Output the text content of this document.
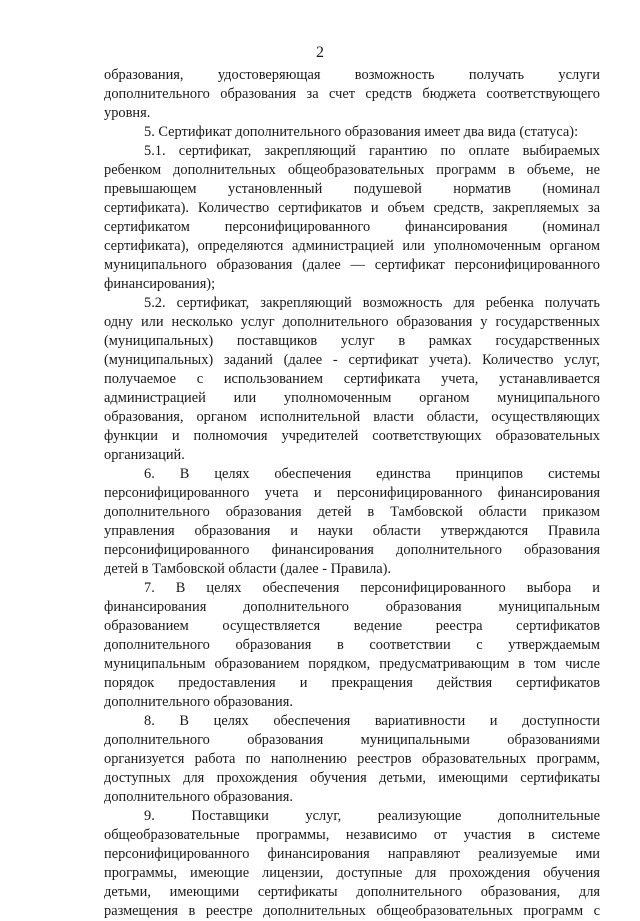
2

образования, удостоверяющая возможность получать услуги
дополнительного образования за счет средств бюджета соответствующего
уровня.

5. Сертификат дополнительного образования имеет два вида (статуса):

5.1. сертификат, закрепляющий гарантию по оплате выбираемых
ребенком дополнительных общеобразовательных программ в объеме, не
превышающем установленный подушевой норматив (номинал
сертификата). Количество сертификатов и объем средств, закрепляемых за
сертификатом персонифицированного финансирования (номинал
сертификата), определяются администрацией или уполномоченным органом
муниципального образования (далее — сертификат персонифицированного
финансирования);

5.2. сертификат, закрепляющий возможность для ребенка получать
одну или несколько услуг дополнительного образования у государственных
(муниципальных) поставщиков услуг в рамках государственных
(муниципальных) заданий (далее - сертификат учета). Количество услуг,
получаемое с использованием сертификата учета, устанавливается
администрацией или уполномоченным органом муниципального
образования, органом исполнительной власти области, осуществляющих
функции и полномочия учредителей соответствующих образовательных
организаций.

6. В целях обеспечения единства принципов системы
персонифицированного учета и персонифицированного финансирования
дополнительного образования детей в Тамбовской области приказом
управления образования и науки области утверждаются Правила
персонифицированного финансирования дополнительного образования
детей в Тамбовской области (далее - Правила).

7. В целях обеспечения персонифицированного выбора и
финансирования дополнительного образования муниципальным
образованием осуществляется ведение реестра сертификатов
дополнительного образования в соответствии с утверждаемым
муниципальным образованием порядком, предусматривающим в том числе
порядок предоставления и прекращения действия сертификатов
дополнительного образования.

8. В целях обеспечения вариативности и доступности
дополнительного образования муниципальными образованиями
организуется работа по наполнению реестров образовательных программ,
доступных для прохождения обучения детьми, имеющими сертификаты
дополнительного образования.

9. Поставщики услуг, реализующие дополнительные
общеобразовательные программы, независимо от участия в системе
персонифицированного финансирования направляют реализуемые ими
программы, имеющие лицензии, доступные для прохождения обучения
детьми, имеющими сертификаты дополнительного образования, для
размещения в реестре дополнительных общеобразовательных программ с
